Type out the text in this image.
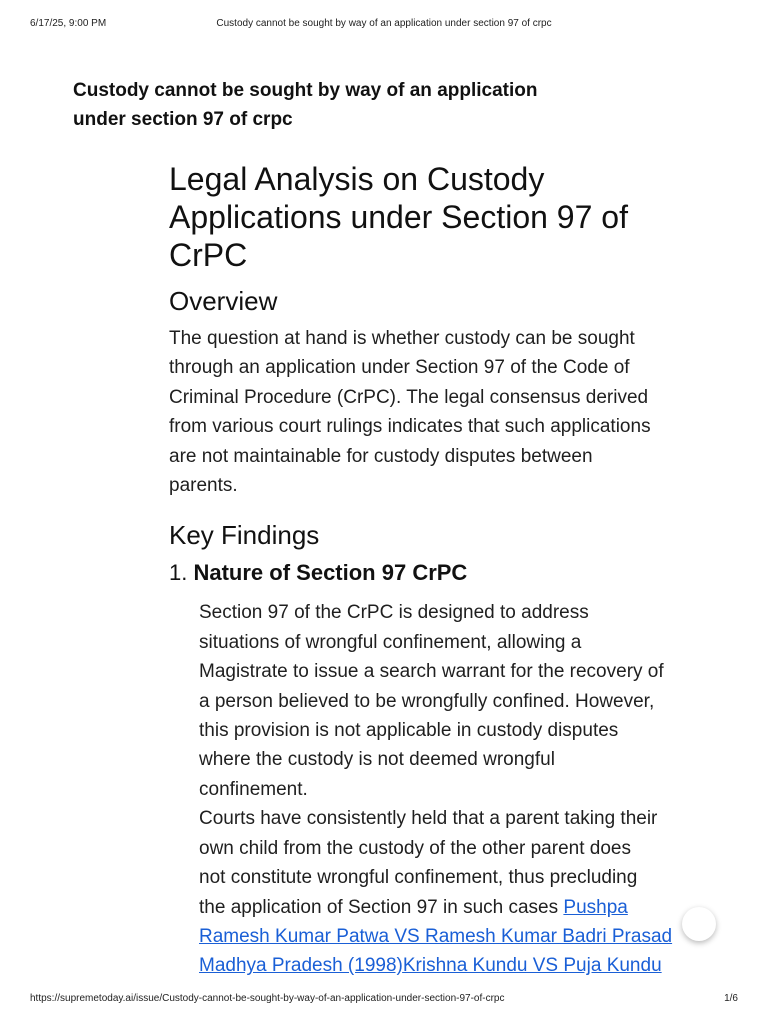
6/17/25, 9:00 PM	Custody cannot be sought by way of an application under section 97 of crpc
Custody cannot be sought by way of an application
under section 97 of crpc
Legal Analysis on Custody
Applications under Section 97 of
CrPC
Overview

The question at hand is whether custody can be sought
through an application under Section 97 of the Code of
Criminal Procedure (CrPC). The legal consensus derived
from various court rulings indicates that such applications
are not maintainable for custody disputes between
parents.

Key Findings
1. Nature of Section 97 CrPC

Section 97 of the CrPC is designed to address
situations of wrongful confinement, allowing a
Magistrate to issue a search warrant for the recovery of
a person believed to be wrongfully confined. However,
this provision is not applicable in custody disputes
where the custody is not deemed wrongful
confinement.

Courts have consistently held that a parent taking their
own child from the custody of the other parent does
not constitute wrongful confinement, thus precluding
the application of Section 97 in such cases Pushpa
Ramesh Kumar Patwa VS Ramesh Kumar Badri Prasad
Madhya Pradesh (1998)Krishna Kundu VS Puja Kundu

https://supremetoday.ai/issue/Custody-cannot-be-sought-by-way-of-an-application-under-section-97-of-crpc	1/6
